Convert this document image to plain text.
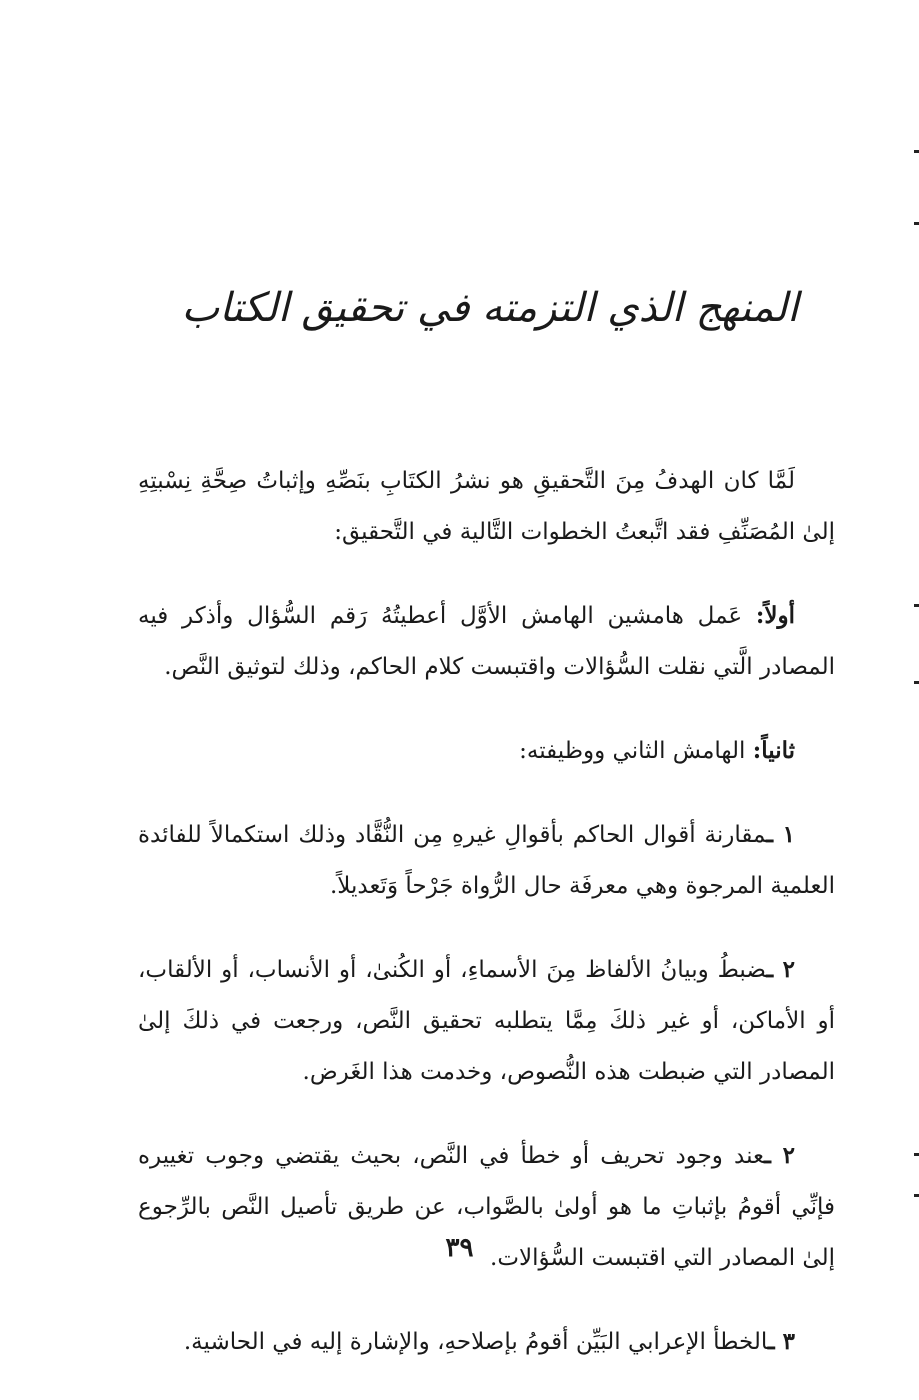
المنهج الذي التزمته في تحقيق الكتاب

لَمَّا كان الهدفُ مِنَ التَّحقيقِ هو نشرُ الكتَابِ بنَصِّهِ وإثباتُ صِحَّةِ نِسْبتِهِ إلىٰ المُصَنِّفِ فقد اتَّبعتُ الخطوات التَّالية في التَّحقيق:

أولاً: عَمل هامشين الهامش الأوَّل أعطيتُهُ رَقم السُّؤال وأذكر فيه المصادر الَّتي نقلت السُّؤالات واقتبست كلام الحاكم، وذلك لتوثيق النَّص.

ثانياً: الهامش الثاني ووظيفته:

١ ـمقارنة أقوال الحاكم بأقوالِ غيرهِ مِن النُّقَّاد وذلك استكمالاً للفائدة العلمية المرجوة وهي معرفَة حال الرُّواة جَرْحاً وَتَعديلاً.

٢ ـضبطُ وبيانُ الألفاظ مِنَ الأسماءِ، أو الكُنىٰ، أو الأنساب، أو الألقاب، أو الأماكن، أو غير ذلكَ مِمَّا يتطلبه تحقيق النَّص، ورجعت في ذلكَ إلىٰ المصادر التي ضبطت هذه النُّصوص، وخدمت هذا الغَرض.

٢ ـعند وجود تحريف أو خطأ في النَّص، بحيث يقتضي وجوب تغييره فإنِّي أقومُ بإثباتِ ما هو أولىٰ بالصَّواب، عن طريق تأصيل النَّص بالرِّجوع إلىٰ المصادر التي اقتبست السُّؤالات.

٣ ـالخطأ الإعرابي البَيِّن أقومُ بإصلاحهِ، والإشارة إليه في الحاشية.

٣٩
